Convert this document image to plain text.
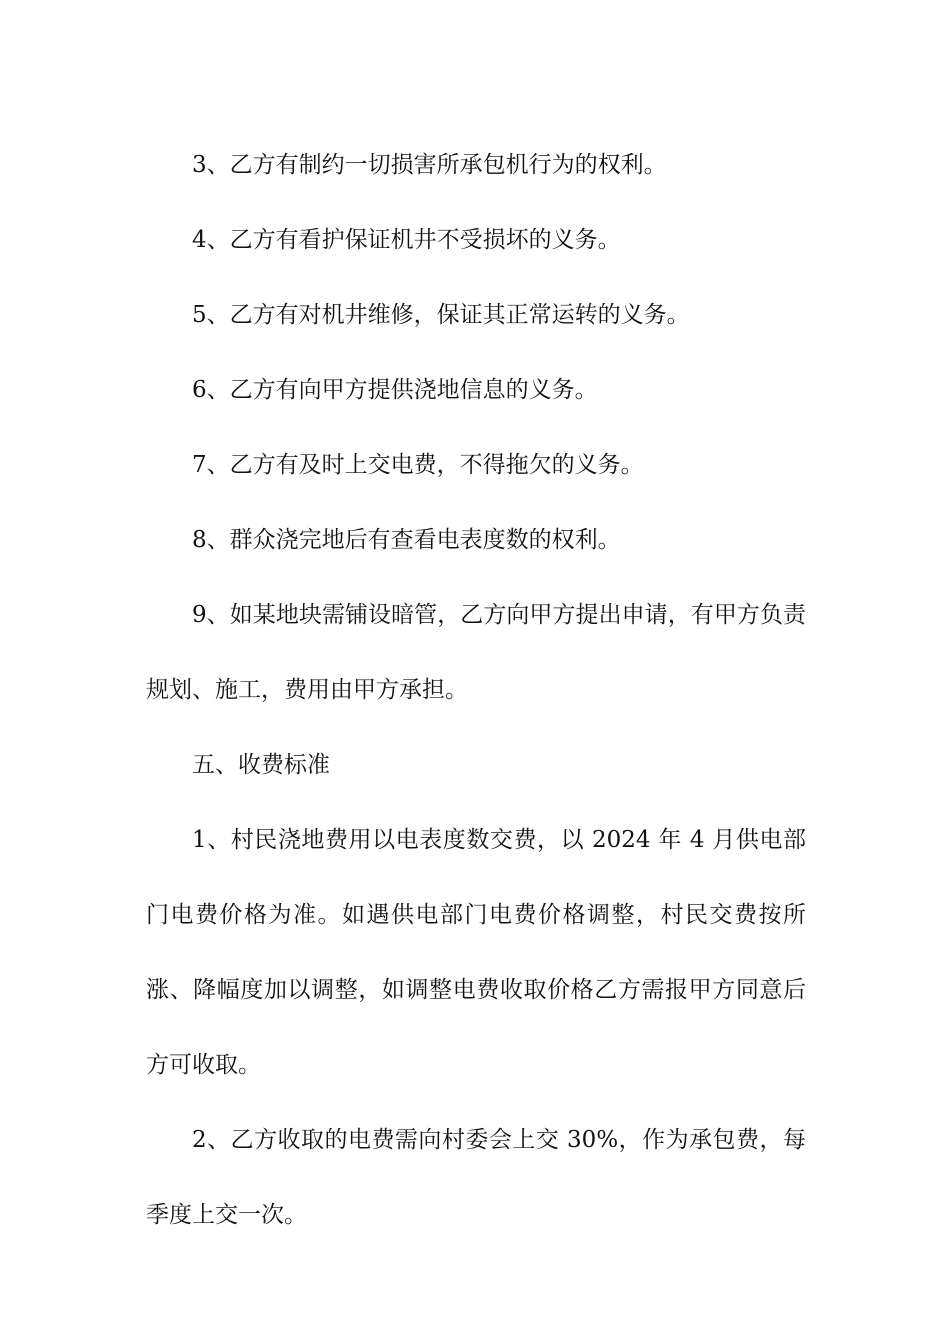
3、乙方有制约一切损害所承包机行为的权利。

4、乙方有看护保证机井不受损坏的义务。

5、乙方有对机井维修，保证其正常运转的义务。

6、乙方有向甲方提供浇地信息的义务。

7、乙方有及时上交电费，不得拖欠的义务。

8、群众浇完地后有查看电表度数的权利。

9、如某地块需铺设暗管，乙方向甲方提出申请，有甲方负责规划、施工，费用由甲方承担。

五、收费标准

1、村民浇地费用以电表度数交费，以 2024 年 4 月供电部门电费价格为准。如遇供电部门电费价格调整，村民交费按所涨、降幅度加以调整，如调整电费收取价格乙方需报甲方同意后方可收取。

2、乙方收取的电费需向村委会上交 30%，作为承包费，每季度上交一次。
